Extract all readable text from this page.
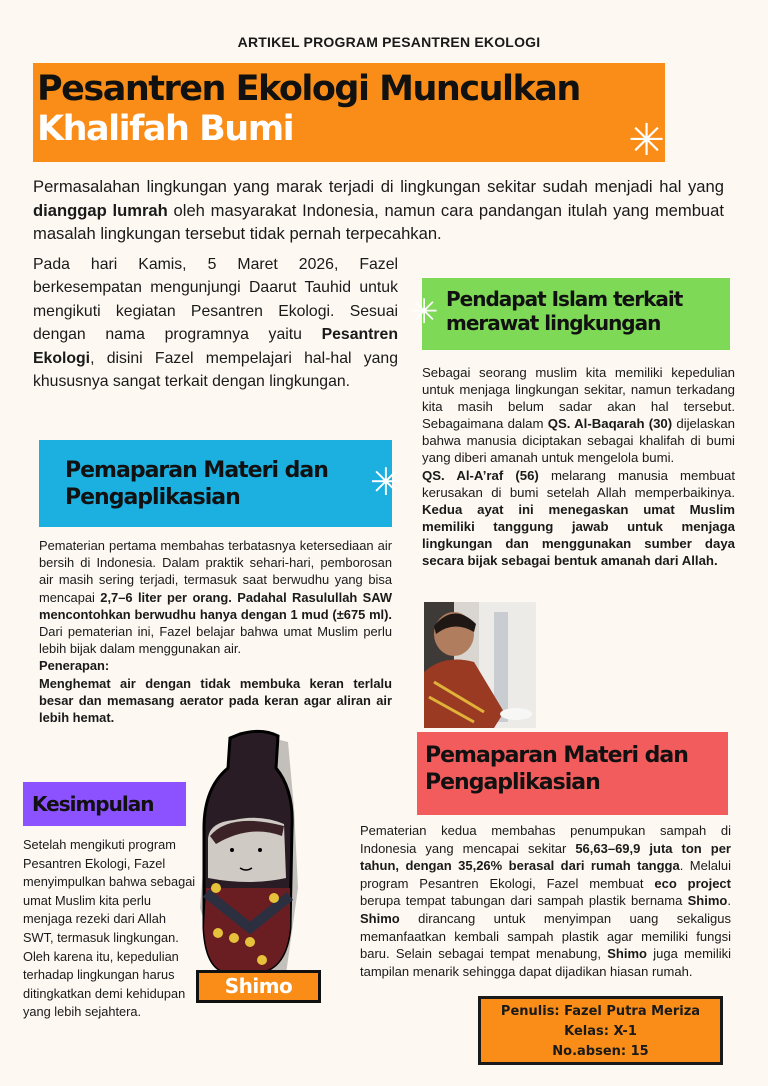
ARTIKEL PROGRAM PESANTREN EKOLOGI
Pesantren Ekologi Munculkan
Khalifah Bumi	✳
Permasalahan lingkungan yang marak terjadi di lingkungan sekitar sudah menjadi hal yang dianggap lumrah oleh masyarakat Indonesia, namun cara pandangan itulah yang membuat masalah lingkungan tersebut tidak pernah terpecahkan.
Pada hari Kamis, 5 Maret 2026, Fazel berkesempatan mengunjungi Daarut Tauhid untuk mengikuti kegiatan Pesantren Ekologi. Sesuai dengan nama programnya yaitu Pesantren Ekologi, disini Fazel mempelajari hal-hal yang khususnya sangat terkait dengan lingkungan.
Pendapat Islam terkait merawat lingkungan
✳
Sebagai seorang muslim kita memiliki kepedulian untuk menjaga lingkungan sekitar, namun terkadang kita masih belum sadar akan hal tersebut. Sebagaimana dalam QS. Al-Baqarah (30) dijelaskan bahwa manusia diciptakan sebagai khalifah di bumi yang diberi amanah untuk mengelola bumi.
QS. Al-A’raf (56) melarang manusia membuat kerusakan di bumi setelah Allah memperbaikinya. Kedua ayat ini menegaskan umat Muslim memiliki tanggung jawab untuk menjaga lingkungan dan menggunakan sumber daya secara bijak sebagai bentuk amanah dari Allah.
Pemaparan Materi dan Pengaplikasian	✳
Pematerian pertama membahas terbatasnya ketersediaan air bersih di Indonesia. Dalam praktik sehari-hari, pemborosan air masih sering terjadi, termasuk saat berwudhu yang bisa mencapai 2,7–6 liter per orang. Padahal Rasulullah SAW mencontohkan berwudhu hanya dengan 1 mud (±675 ml). Dari pematerian ini, Fazel belajar bahwa umat Muslim perlu lebih bijak dalam menggunakan air.
Penerapan:
Menghemat air dengan tidak membuka keran terlalu besar dan memasang aerator pada keran agar aliran air lebih hemat.
Pemaparan Materi dan Pengaplikasian
Pematerian kedua membahas penumpukan sampah di Indonesia yang mencapai sekitar 56,63–69,9 juta ton per tahun, dengan 35,26% berasal dari rumah tangga. Melalui program Pesantren Ekologi, Fazel membuat eco project berupa tempat tabungan dari sampah plastik bernama Shimo. Shimo dirancang untuk menyimpan uang sekaligus memanfaatkan kembali sampah plastik agar memiliki fungsi baru. Selain sebagai tempat menabung, Shimo juga memiliki tampilan menarik sehingga dapat dijadikan hiasan rumah.
Kesimpulan
Setelah mengikuti program Pesantren Ekologi, Fazel menyimpulkan bahwa sebagai umat Muslim kita perlu menjaga rezeki dari Allah SWT, termasuk lingkungan. Oleh karena itu, kepedulian terhadap lingkungan harus ditingkatkan demi kehidupan yang lebih sejahtera.
Shimo
Penulis: Fazel Putra Meriza
Kelas: X-1
No.absen: 15
